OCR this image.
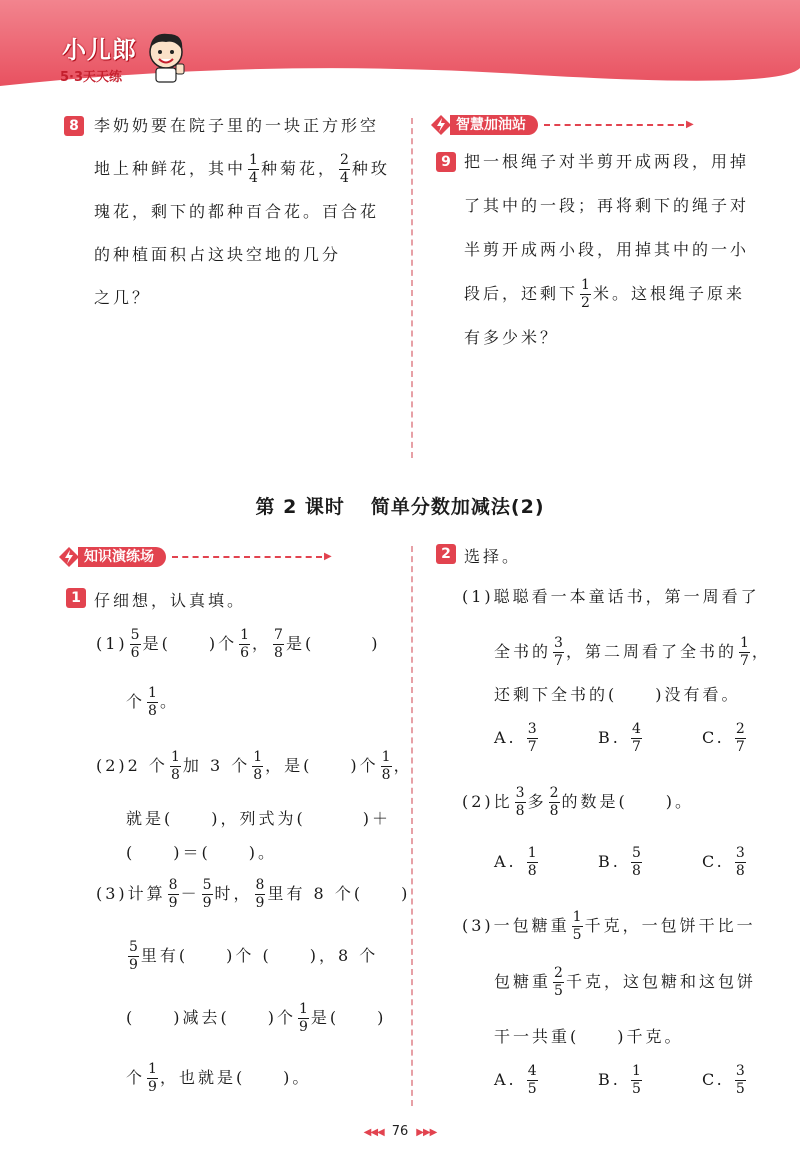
小儿郎
5·3天天练
8 李奶奶要在院子里的一块正方形空
地上种鲜花，其中 $\frac{1}{4}$ 种菊花， $\frac{2}{4}$ 种玫
瑰花，剩下的都种百合花。百合花
的种植面积占这块空地的几分
之几？
智慧加油站	▶
9 把一根绳子对半剪开成两段，用掉
了其中的一段；再将剩下的绳子对
半剪开成两小段，用掉其中的一小
段后，还剩下 $\frac{1}{2}$ 米。这根绳子原来
有多少米？
第 2 课时 简单分数加减法(2)
知识演练场	▶
1 仔细想，认真填。
$(1) \frac{5}{6}$ 是(　　)个 $\frac{1}{6}$ ， $\frac{7}{8}$ 是(　　　)
个 $\frac{1}{8}$ 。
(2)2 个 $\frac{1}{8}$ 加 3 个 $\frac{1}{8}$ ，是(　　)个 $\frac{1}{8}$ ，
就是(　　)，列式为(　　　)＋
(　　)＝(　　)。
(3)计算 $\frac{8}{9} - \frac{5}{9}$ 时， $\frac{8}{9}$ 里有 8 个(　　)
$\frac{5}{9}$ 里有(　　)个 (　　)，8 个
(　　)减去(　　)个 $\frac{1}{9}$ 是(　　)
个 $\frac{1}{9}$ ，也就是(　　)。
2 选择。
(1)聪聪看一本童话书，第一周看了
全书的 $\frac{3}{7}$ ，第二周看了全书的 $\frac{1}{7}$ ，
还剩下全书的(　　)没有看。
A. $\frac{3}{7}$	B. $\frac{4}{7}$	C. $\frac{2}{7}$
(2)比 $\frac{3}{8}$ 多 $\frac{2}{8}$ 的数是(　　)。
A. $\frac{1}{8}$	B. $\frac{5}{8}$	C. $\frac{3}{8}$
(3)一包糖重 $\frac{1}{5}$ 千克，一包饼干比一
包糖重 $\frac{2}{5}$ 千克，这包糖和这包饼
干一共重(　　)千克。
A. $\frac{4}{5}$	B. $\frac{1}{5}$	C. $\frac{3}{5}$
◀◀◀ 76 ▶▶▶
